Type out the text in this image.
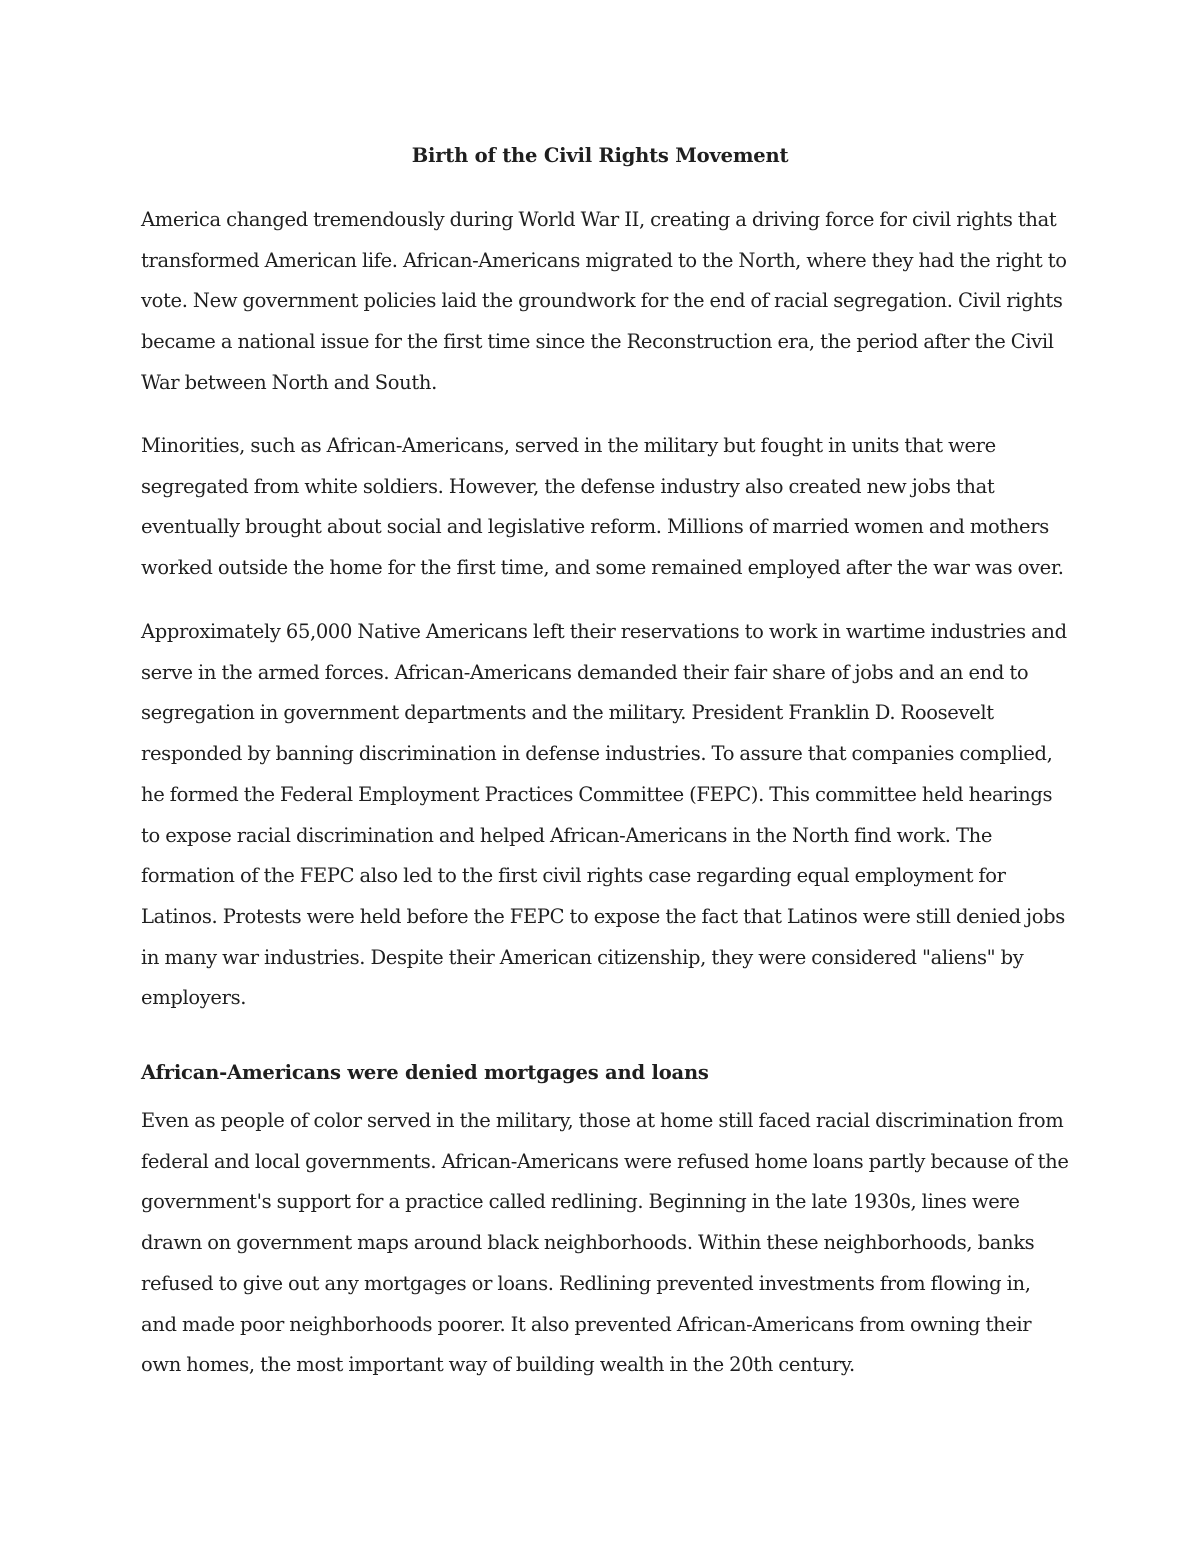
Birth of the Civil Rights Movement

America changed tremendously during World War II, creating a driving force for civil rights that transformed American life. African-Americans migrated to the North, where they had the right to vote. New government policies laid the groundwork for the end of racial segregation. Civil rights became a national issue for the first time since the Reconstruction era, the period after the Civil War between North and South.

Minorities, such as African-Americans, served in the military but fought in units that were segregated from white soldiers. However, the defense industry also created new jobs that eventually brought about social and legislative reform. Millions of married women and mothers worked outside the home for the first time, and some remained employed after the war was over.

Approximately 65,000 Native Americans left their reservations to work in wartime industries and serve in the armed forces. African-Americans demanded their fair share of jobs and an end to segregation in government departments and the military. President Franklin D. Roosevelt responded by banning discrimination in defense industries. To assure that companies complied, he formed the Federal Employment Practices Committee (FEPC). This committee held hearings to expose racial discrimination and helped African-Americans in the North find work. The formation of the FEPC also led to the first civil rights case regarding equal employment for Latinos. Protests were held before the FEPC to expose the fact that Latinos were still denied jobs in many war industries. Despite their American citizenship, they were considered "aliens" by employers.

African-Americans were denied mortgages and loans

Even as people of color served in the military, those at home still faced racial discrimination from federal and local governments. African-Americans were refused home loans partly because of the government's support for a practice called redlining. Beginning in the late 1930s, lines were drawn on government maps around black neighborhoods. Within these neighborhoods, banks refused to give out any mortgages or loans. Redlining prevented investments from flowing in, and made poor neighborhoods poorer. It also prevented African-Americans from owning their own homes, the most important way of building wealth in the 20th century.
